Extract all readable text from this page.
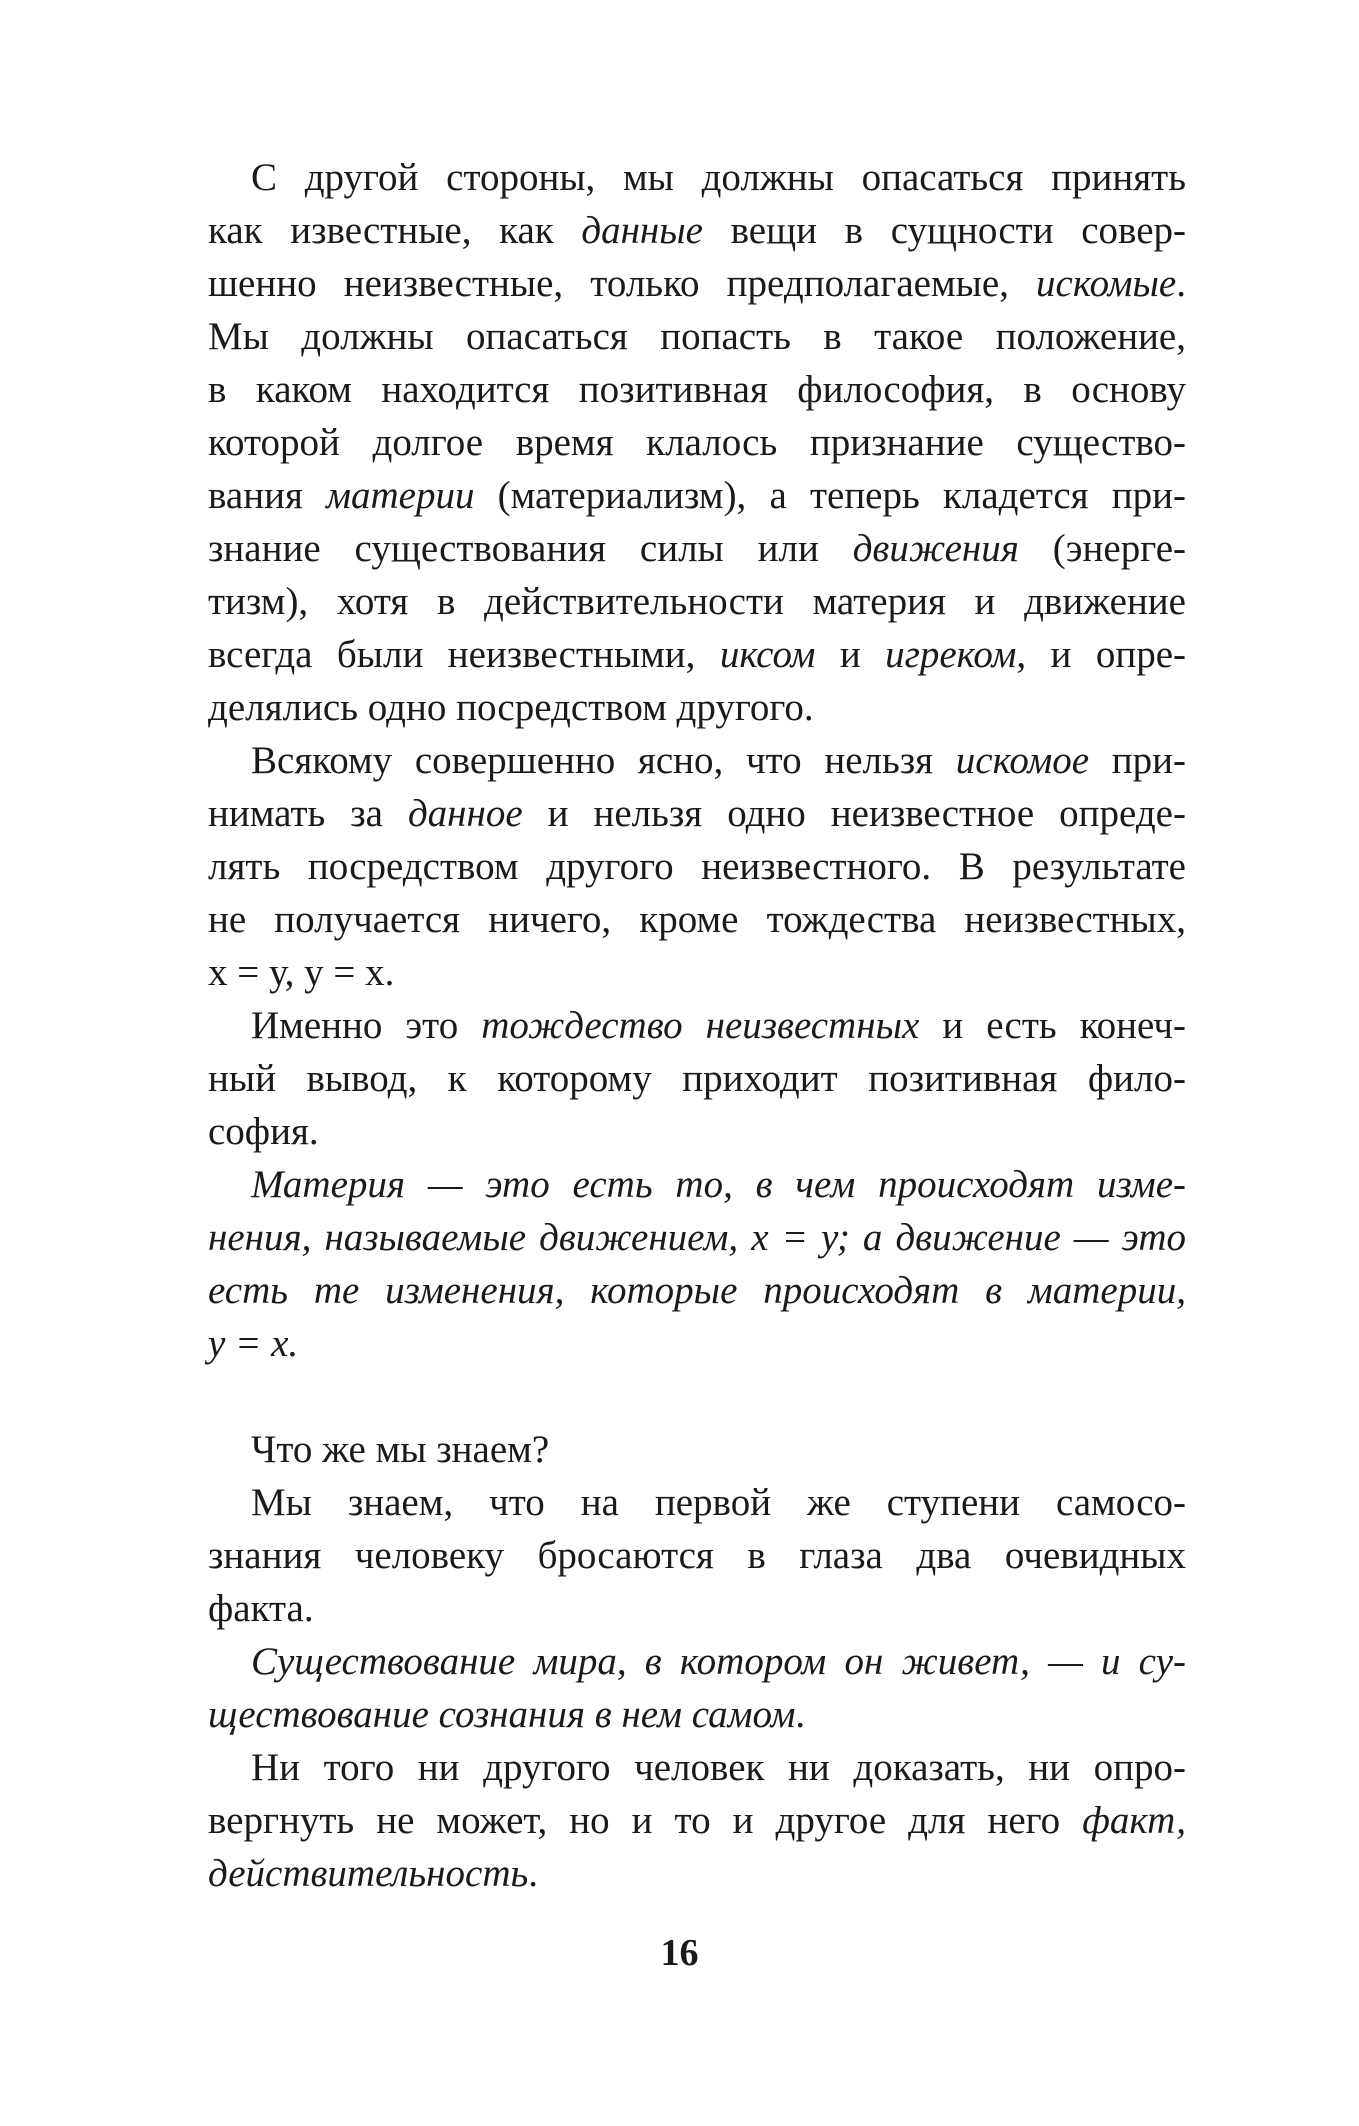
С другой стороны, мы должны опасаться принять
как известные, как данные вещи в сущности совер-
шенно неизвестные, только предполагаемые, искомые.
Мы должны опасаться попасть в такое положение,
в каком находится позитивная философия, в основу
которой долгое время клалось признание существо-
вания материи (материализм), а теперь кладется при-
знание существования силы или движения (энерге-
тизм), хотя в действительности материя и движение
всегда были неизвестными, иксом и игреком, и опре-
делялись одно посредством другого.
Всякому совершенно ясно, что нельзя искомое при-
нимать за данное и нельзя одно неизвестное опреде-
лять посредством другого неизвестного. В результате
не получается ничего, кроме тождества неизвестных,
х = у, у = х.
Именно это тождество неизвестных и есть конеч-
ный вывод, к которому приходит позитивная фило-
софия.
Материя — это есть то, в чем происходят изме-
нения, называемые движением, х = у; а движение — это
есть те изменения, которые происходят в материи,
у = х.
Что же мы знаем?
Мы знаем, что на первой же ступени самосо-
знания человеку бросаются в глаза два очевидных
факта.
Существование мира, в котором он живет, — и су-
ществование сознания в нем самом.
Ни того ни другого человек ни доказать, ни опро-
вергнуть не может, но и то и другое для него факт,
действительность.
16
